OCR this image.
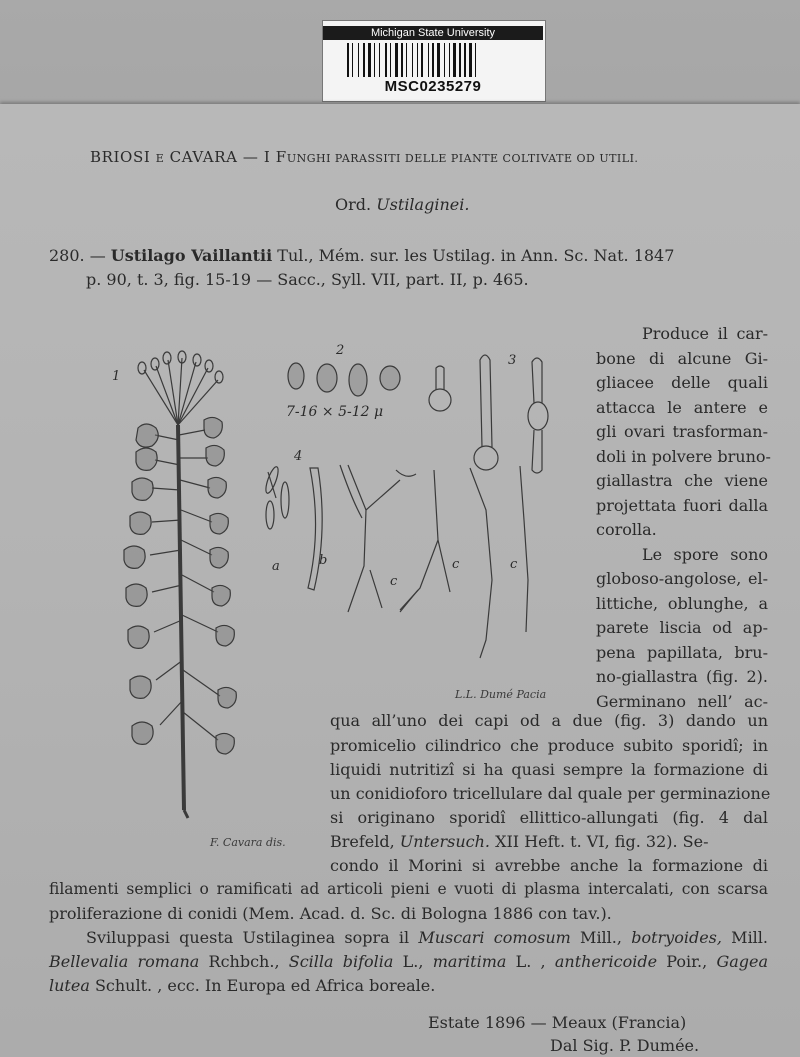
Michigan State University
MSC0235279
BRIOSI E CAVARA — I FUNGHI PARASSITI DELLE PIANTE COLTIVATE OD UTILI.
Ord. Ustilaginei.
280. — Ustilago Vaillantii Tul., Mém. sur. les Ustilag. in Ann. Sc. Nat. 1847
p. 90, t. 3, fig. 15-19 — Sacc., Syll. VII, part. II, p. 465.
Produce il car-
bone di alcune Gi-
gliacee delle quali
attacca le antere e
gli ovari trasforman-
doli in polvere bruno-
giallastra che viene
projettata fuori dalla
corolla.
Le spore sono
globoso-angolose, el-
littiche, oblunghe, a
parete liscia od ap-
pena papillata, bru-
no-giallastra (fig. 2).
Germinano nell’ ac-
qua all’uno dei capi od a due (fig. 3) dando un
promicelio cilindrico che produce subito sporidî; in
liquidi nutritizî si ha quasi sempre la formazione di
un conidioforo tricellulare dal quale per germinazione
si originano sporidî ellittico-allungati (fig. 4 dal
Brefeld, Untersuch. XII Heft. t. VI, fig. 32). Se-
condo il Morini si avrebbe anche la formazione di
filamenti semplici o ramificati ad articoli pieni e vuoti di plasma intercalati, con scarsa
proliferazione di conidi (Mem. Acad. d. Sc. di Bologna 1886 con tav.).
Sviluppasi questa Ustilaginea sopra il Muscari comosum Mill., botryoides, Mill.
Bellevalia romana Rchbch., Scilla bifolia L., maritima L. , anthericoide Poir., Gagea
lutea Schult. , ecc. In Europa ed Africa boreale.
Estate 1896 — Meaux (Francia)
Dal Sig. P. Dumée.
1
2
3
4
7-16 × 5-12 μ
a	b
c
c	c
F. Cavara dis.
L.L. Dumé Pacia
